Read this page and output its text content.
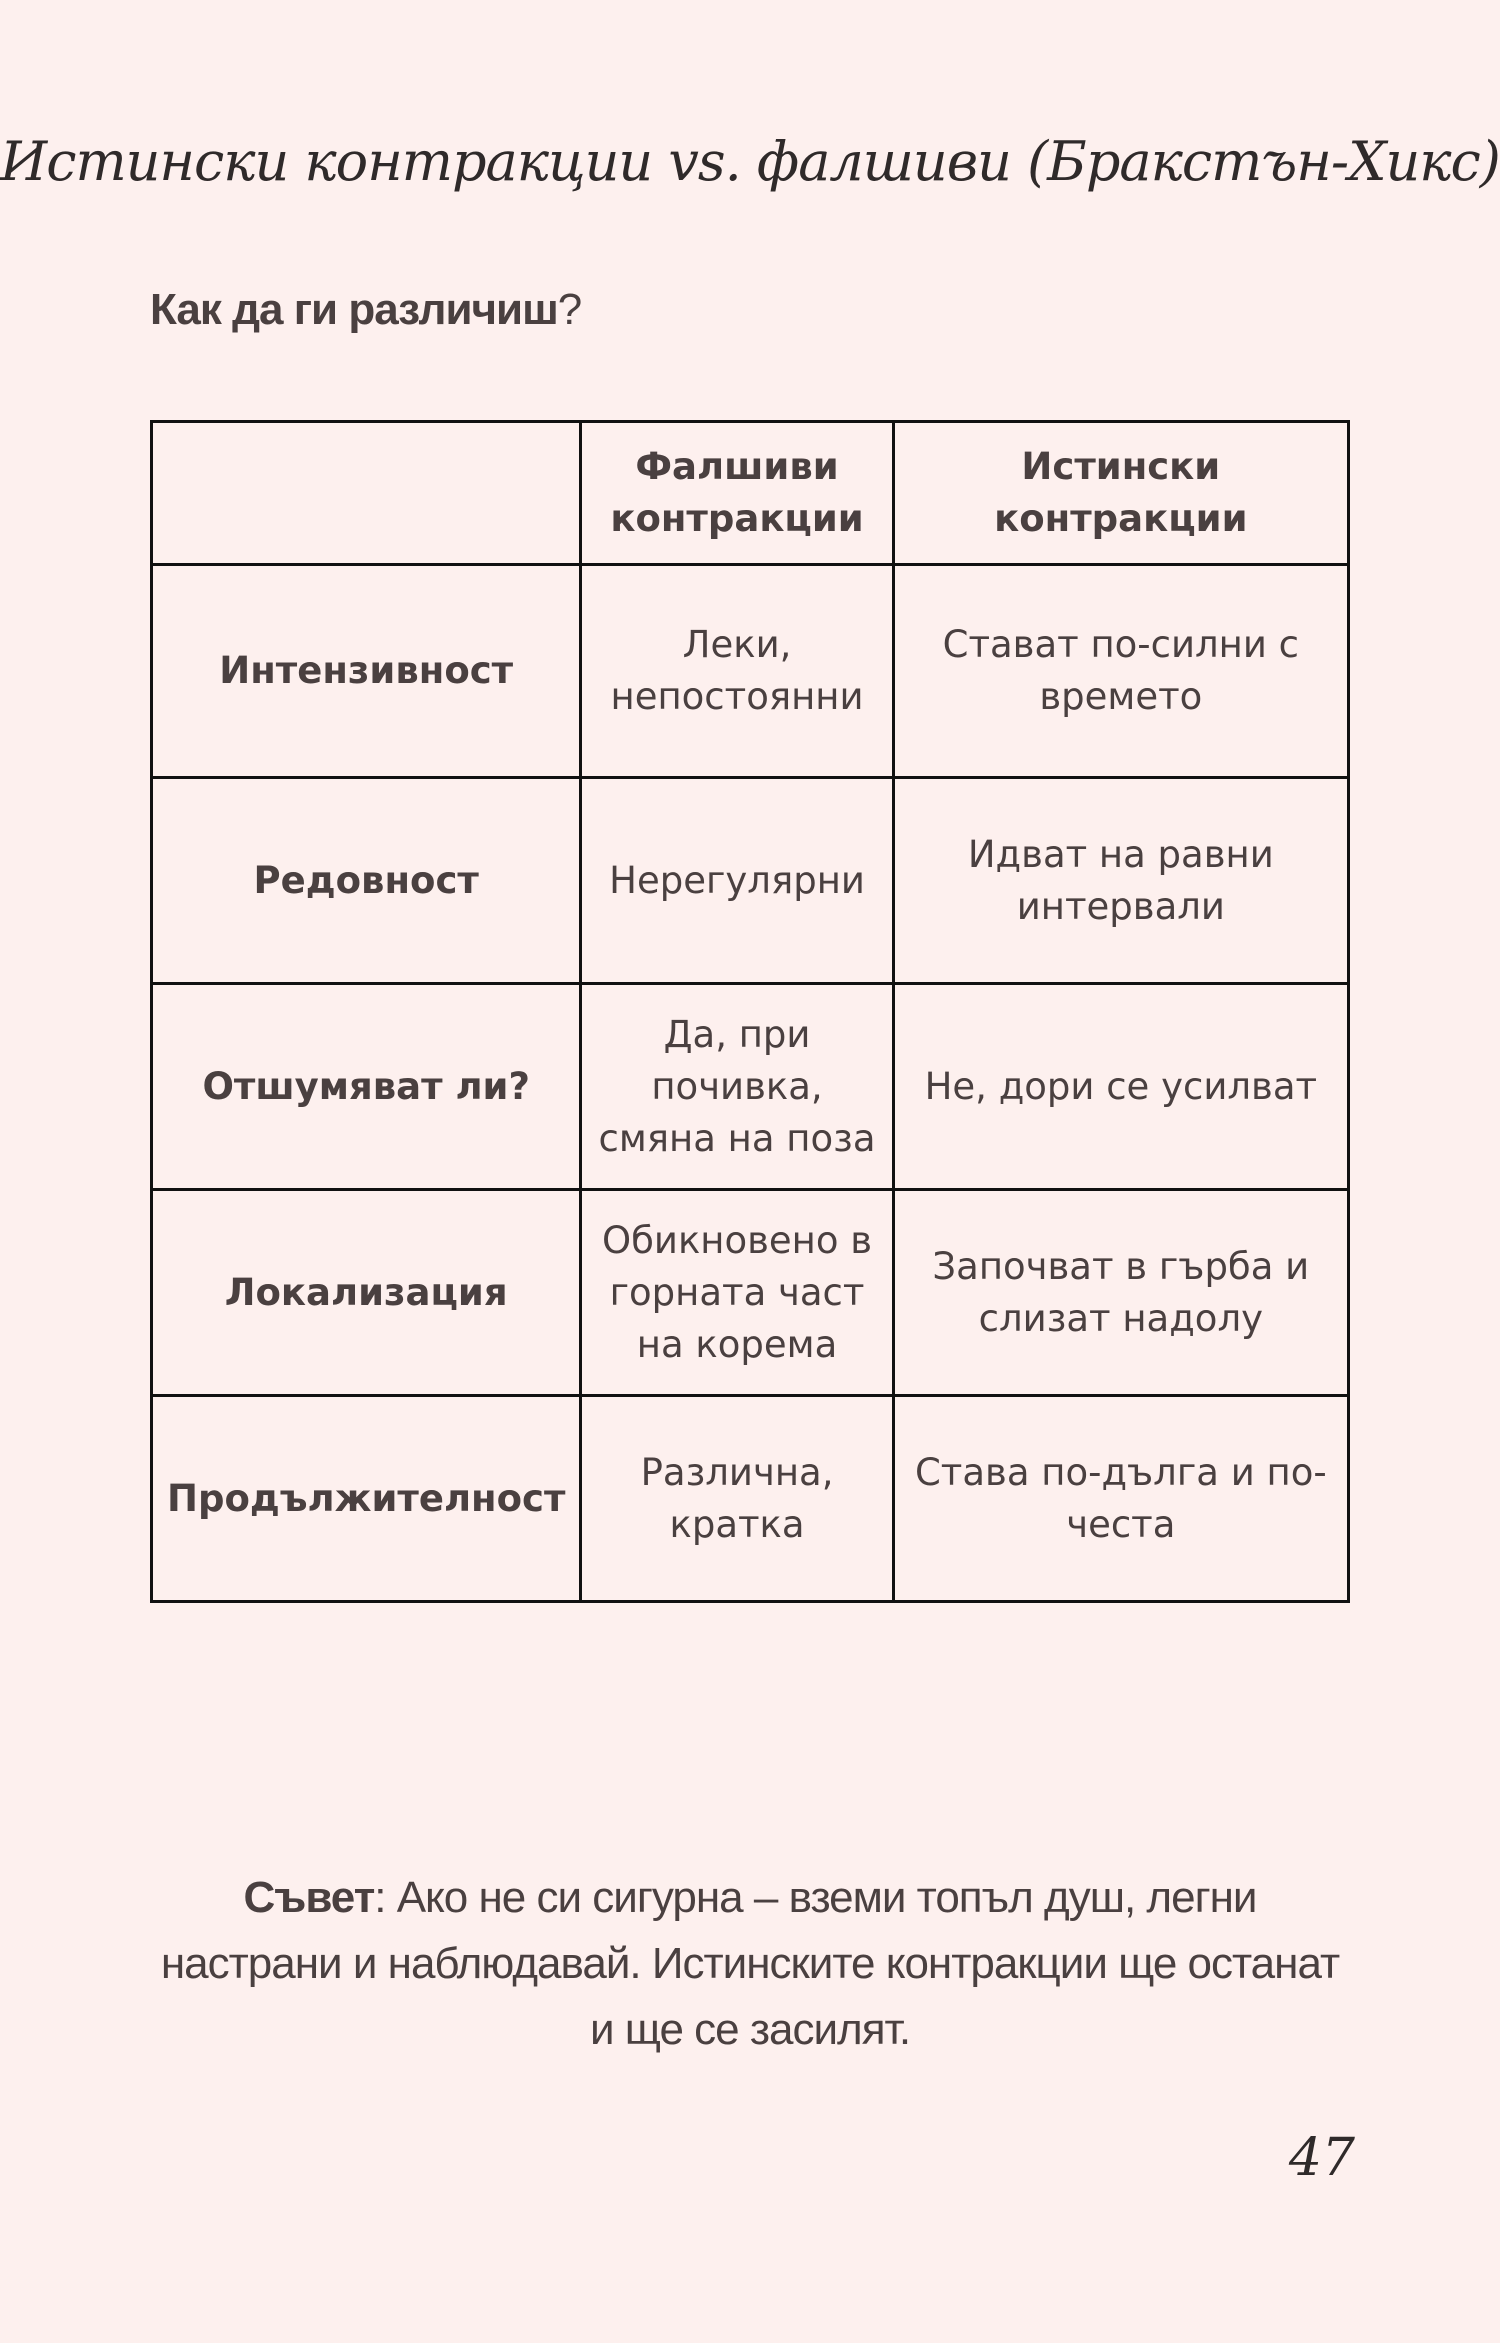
Истински контракции vs. фалшиви (Бракстън-Хикс)
Как да ги различиш?
	Фалшиви контракции	Истински контракции
Интензивност	Леки, непостоянни	Стават по-силни с времето
Редовност	Нерегулярни	Идват на равни интервали
Отшумяват ли?	Да, при почивка, смяна на поза	Не, дори се усилват
Локализация	Обикновено в горната част на корема	Започват в гърба и слизат надолу
Продължителност	Различна, кратка	Става по-дълга и по-честа
Съвет: Ако не си сигурна – вземи топъл душ, легни настрани и наблюдавай. Истинските контракции ще останат и ще се засилят.
47
